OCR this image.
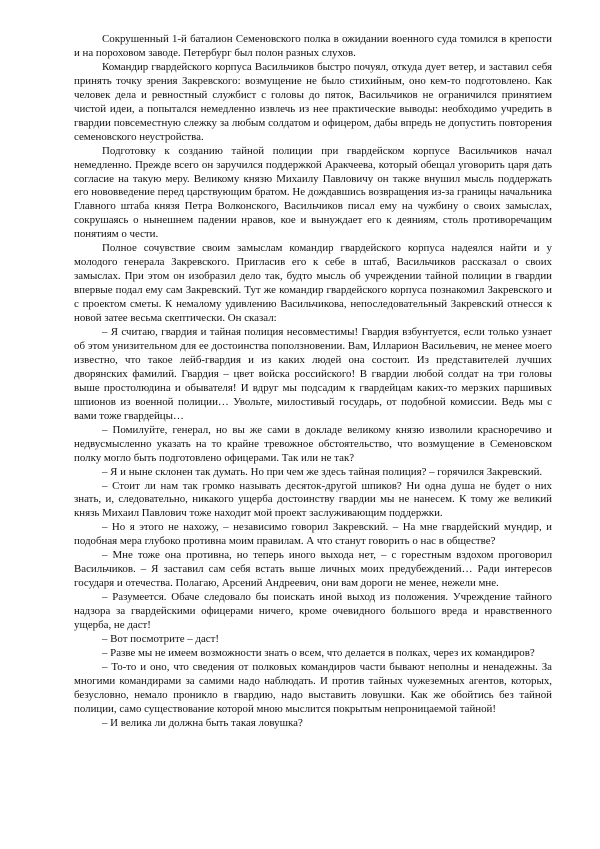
Сокрушенный 1-й баталион Семеновского полка в ожидании военного суда томился в крепости и на пороховом заводе. Петербург был полон разных слухов.

Командир гвардейского корпуса Васильчиков быстро почуял, откуда дует ветер, и заставил себя принять точку зрения Закревского: возмущение не было стихийным, оно кем-то подготовлено. Как человек дела и ревностный службист с головы до пяток, Васильчиков не ограничился принятием чистой идеи, а попытался немедленно извлечь из нее практические выводы: необходимо учредить в гвардии повсеместную слежку за любым солдатом и офицером, дабы впредь не допустить повторения семеновского неустройства.

Подготовку к созданию тайной полиции при гвардейском корпусе Васильчиков начал немедленно. Прежде всего он заручился поддержкой Аракчеева, который обещал уговорить царя дать согласие на такую меру. Великому князю Михаилу Павловичу он также внушил мысль поддержать его нововведение перед царствующим братом. Не дождавшись возвращения из-за границы начальника Главного штаба князя Петра Волконского, Васильчиков писал ему на чужбину о своих замыслах, сокрушаясь о нынешнем падении нравов, кое и вынуждает его к деяниям, столь противоречащим понятиям о чести.

Полное сочувствие своим замыслам командир гвардейского корпуса надеялся найти и у молодого генерала Закревского. Пригласив его к себе в штаб, Васильчиков рассказал о своих замыслах. При этом он изобразил дело так, будто мысль об учреждении тайной полиции в гвардии впервые подал ему сам Закревский. Тут же командир гвардейского корпуса познакомил Закревского и с проектом сметы. К немалому удивлению Васильчикова, непоследовательный Закревский отнесся к новой затее весьма скептически. Он сказал:

– Я считаю, гвардия и тайная полиция несовместимы! Гвардия взбунтуется, если только узнает об этом унизительном для ее достоинства поползновении. Вам, Илларион Васильевич, не менее моего известно, что такое лейб-гвардия и из каких людей она состоит. Из представителей лучших дворянских фамилий. Гвардия – цвет войска российского! В гвардии любой солдат на три головы выше простолюдина и обывателя! И вдруг мы подсадим к гвардейцам каких-то мерзких паршивых шпионов из военной полиции… Увольте, милостивый государь, от подобной комиссии. Ведь мы с вами тоже гвардейцы…

– Помилуйте, генерал, но вы же сами в докладе великому князю изволили красноречиво и недвусмысленно указать на то крайне тревожное обстоятельство, что возмущение в Семеновском полку могло быть подготовлено офицерами. Так или не так?

– Я и ныне склонен так думать. Но при чем же здесь тайная полиция? – горячился Закревский.

– Стоит ли нам так громко называть десяток-другой шпиков? Ни одна душа не будет о них знать, и, следовательно, никакого ущерба достоинству гвардии мы не нанесем. К тому же великий князь Михаил Павлович тоже находит мой проект заслуживающим поддержки.

– Но я этого не нахожу, – независимо говорил Закревский. – На мне гвардейский мундир, и подобная мера глубоко противна моим правилам. А что станут говорить о нас в обществе?

– Мне тоже она противна, но теперь иного выхода нет, – с горестным вздохом проговорил Васильчиков. – Я заставил сам себя встать выше личных моих предубеждений… Ради интересов государя и отечества. Полагаю, Арсений Андреевич, они вам дороги не менее, нежели мне.

– Разумеется. Обаче следовало бы поискать иной выход из положения. Учреждение тайного надзора за гвардейскими офицерами ничего, кроме очевидного большого вреда и нравственного ущерба, не даст!

– Вот посмотрите – даст!

– Разве мы не имеем возможности знать о всем, что делается в полках, через их командиров?

– То-то и оно, что сведения от полковых командиров части бывают неполны и ненадежны. За многими командирами за самими надо наблюдать. И против тайных чужеземных агентов, которых, безусловно, немало проникло в гвардию, надо выставить ловушки. Как же обойтись без тайной полиции, само существование которой мною мыслится покрытым непроницаемой тайной!

– И велика ли должна быть такая ловушка?
